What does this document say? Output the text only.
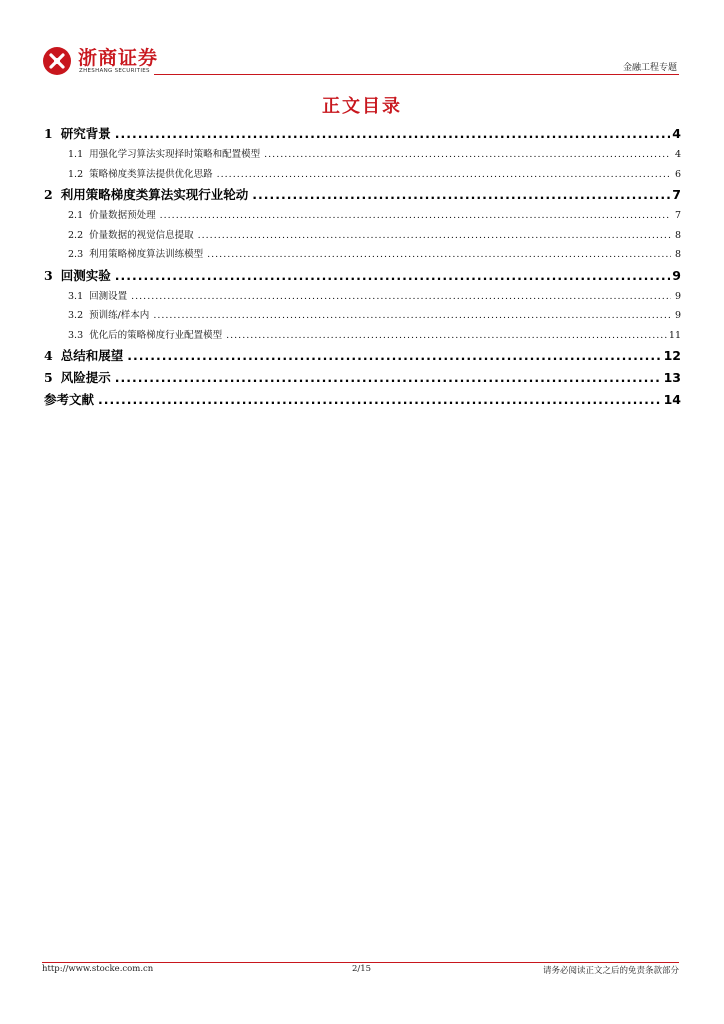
浙商证券
ZHESHANG SECURITIES	金融工程专题
正文目录
1 研究背景 .....	4
1.1 用强化学习算法实现择时策略和配置模型 .....	4
1.2 策略梯度类算法提供优化思路 .....	6
2 利用策略梯度类算法实现行业轮动 .....	7
2.1 价量数据预处理 .....	7
2.2 价量数据的视觉信息提取 .....	8
2.3 利用策略梯度算法训练模型 .....	8
3 回测实验 .....	9
3.1 回测设置 .....	9
3.2 预训练/样本内 .....	9
3.3 优化后的策略梯度行业配置模型 .....	11
4 总结和展望 .....	12
5 风险提示 .....	13
参考文献 .....	14
http://www.stocke.com.cn	2/15	请务必阅读正文之后的免责条款部分
